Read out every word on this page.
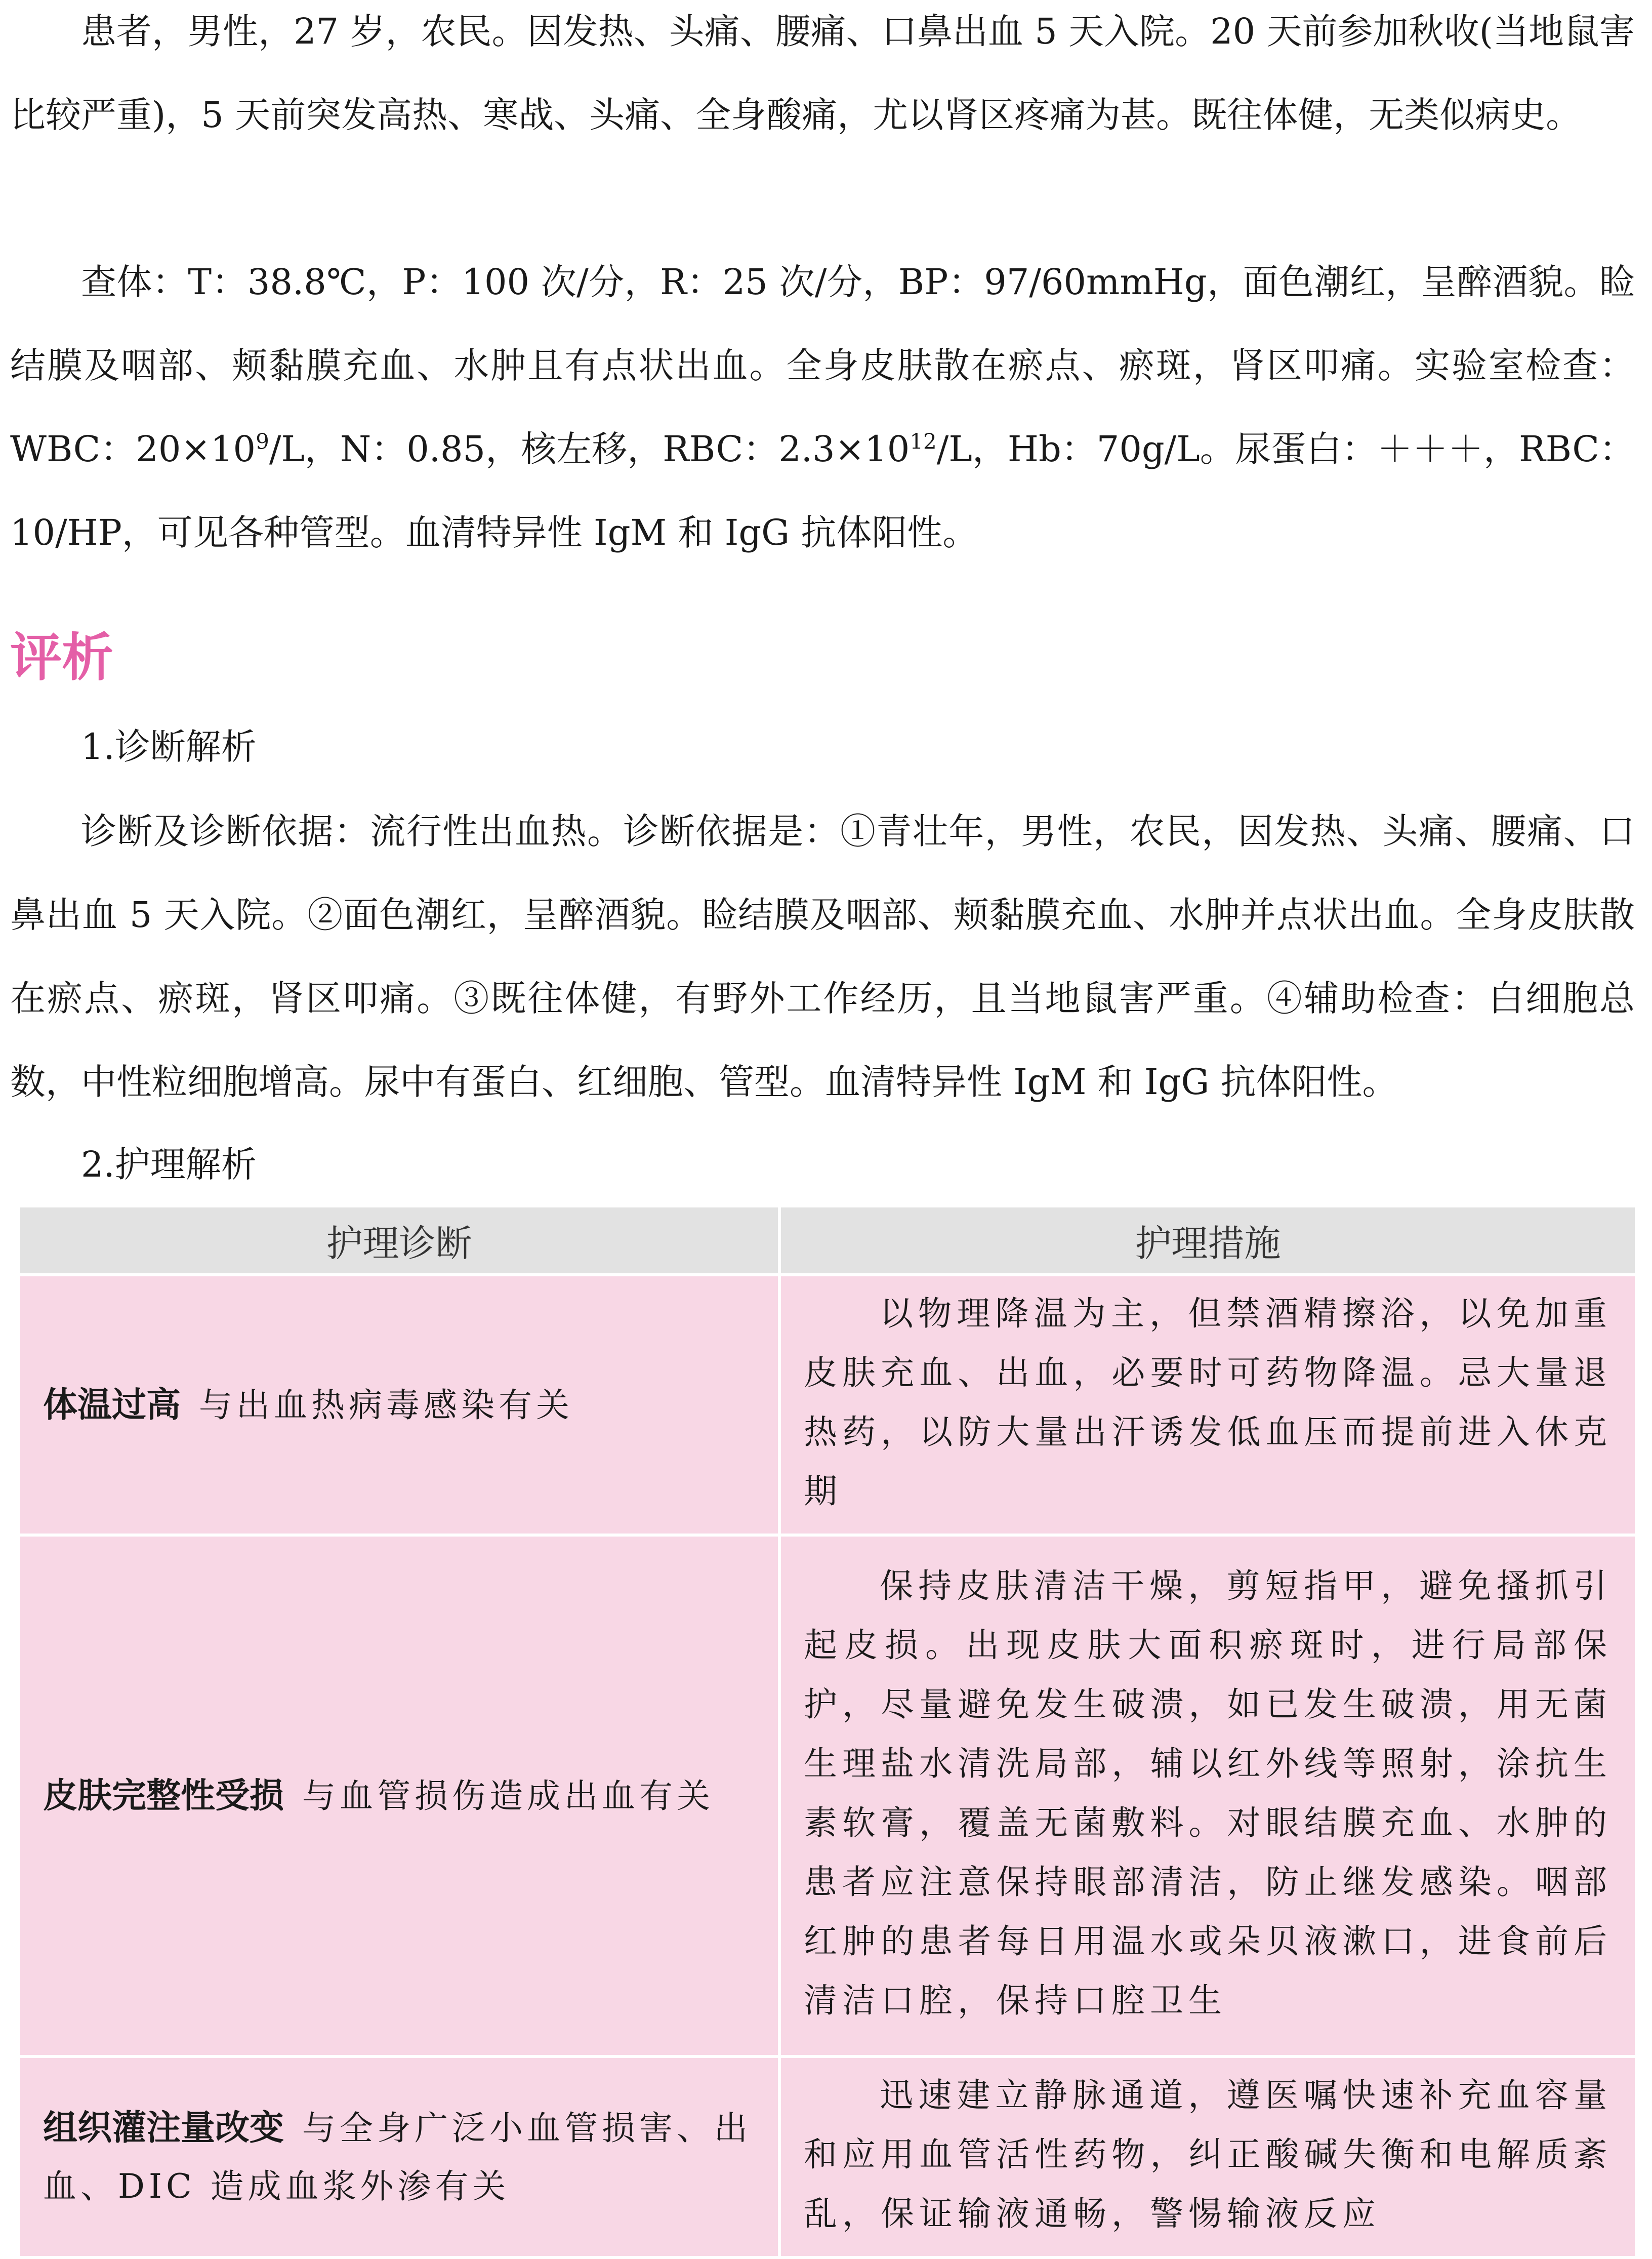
患者，男性，27 岁，农民。因发热、头痛、腰痛、口鼻出血 5 天入院。20 天前参加秋收(当地鼠害比较严重)，5 天前突发高热、寒战、头痛、全身酸痛，尤以肾区疼痛为甚。既往体健，无类似病史。

查体：T：38.8℃，P：100 次/分，R：25 次/分，BP：97/60mmHg，面色潮红，呈醉酒貌。睑结膜及咽部、颊黏膜充血、水肿且有点状出血。全身皮肤散在瘀点、瘀斑，肾区叩痛。实验室检查：WBC：$20\times 10^9/L$，N：0.85，核左移，RBC：$2.3\times 10^{12}/L$，Hb：70g/L。尿蛋白：＋＋＋，RBC：10/HP，可见各种管型。血清特异性 IgM 和 IgG 抗体阳性。

评析

1.诊断解析

诊断及诊断依据：流行性出血热。诊断依据是：①青壮年，男性，农民，因发热、头痛、腰痛、口鼻出血 5 天入院。②面色潮红，呈醉酒貌。睑结膜及咽部、颊黏膜充血、水肿并点状出血。全身皮肤散在瘀点、瘀斑，肾区叩痛。③既往体健，有野外工作经历，且当地鼠害严重。④辅助检查：白细胞总数，中性粒细胞增高。尿中有蛋白、红细胞、管型。血清特异性 IgM 和 IgG 抗体阳性。

2.护理解析

护理诊断	护理措施
体温过高 与出血热病毒感染有关	以物理降温为主，但禁酒精擦浴，以免加重皮肤充血、出血，必要时可药物降温。忌大量退热药，以防大量出汗诱发低血压而提前进入休克期
皮肤完整性受损 与血管损伤造成出血有关	保持皮肤清洁干燥，剪短指甲，避免搔抓引起皮损。出现皮肤大面积瘀斑时，进行局部保护，尽量避免发生破溃，如已发生破溃，用无菌生理盐水清洗局部，辅以红外线等照射，涂抗生素软膏，覆盖无菌敷料。对眼结膜充血、水肿的患者应注意保持眼部清洁，防止继发感染。咽部红肿的患者每日用温水或朵贝液漱口，进食前后清洁口腔，保持口腔卫生
组织灌注量改变 与全身广泛小血管损害、出血、DIC 造成血浆外渗有关	迅速建立静脉通道，遵医嘱快速补充血容量和应用血管活性药物，纠正酸碱失衡和电解质紊乱，保证输液通畅，警惕输液反应
